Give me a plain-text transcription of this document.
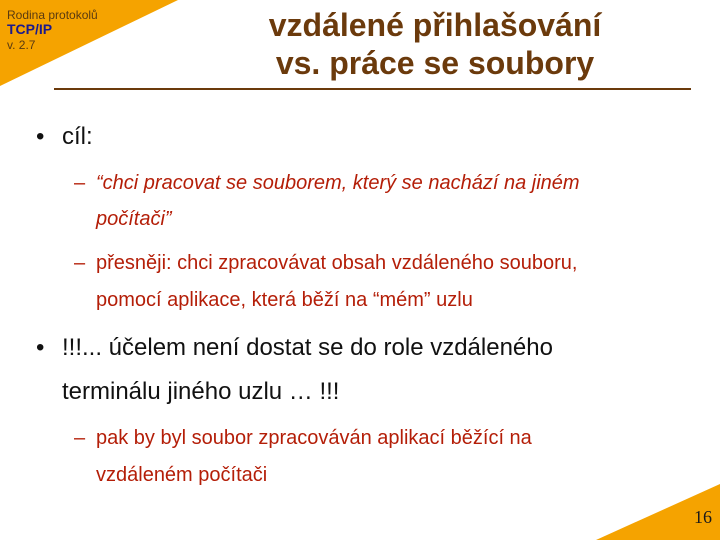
Rodina protokolů
TCP/IP
v. 2.7
vzdálené přihlašování
vs. práce se soubory
• cíl:
– “chci pracovat se souborem, který se nachází na jiném
počítači”
– přesněji: chci zpracovávat obsah vzdáleného souboru,
pomocí aplikace, která běží na “mém” uzlu
• !!!... účelem není dostat se do role vzdáleného
terminálu jiného uzlu … !!!
– pak by byl soubor zpracováván aplikací běžící na
vzdáleném počítači
16
